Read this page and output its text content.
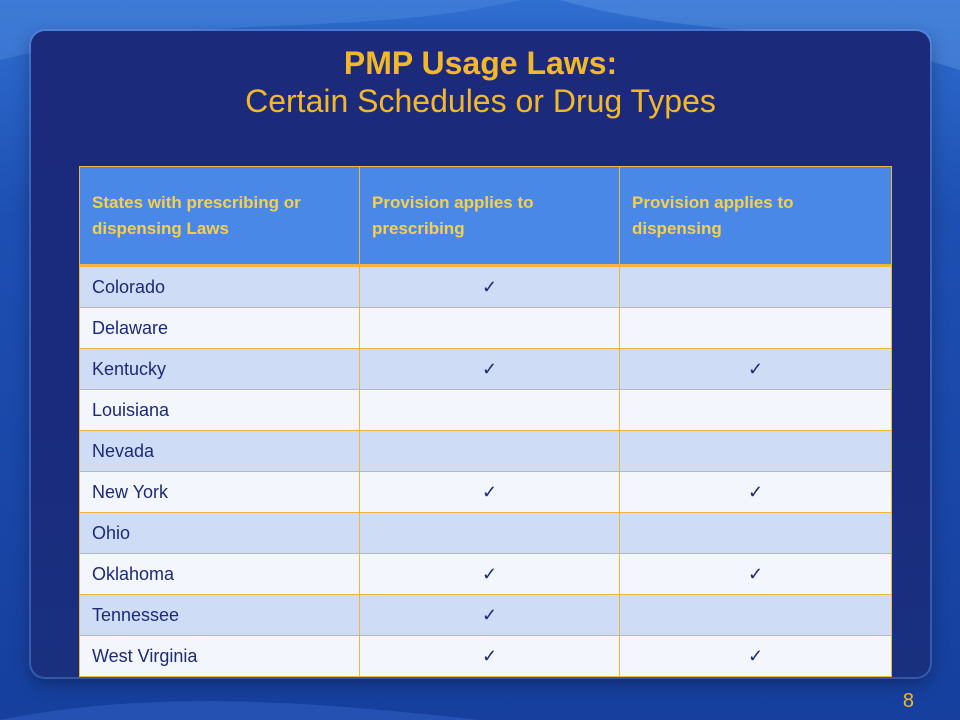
PMP Usage Laws:
Certain Schedules or Drug Types
States with prescribing or dispensing Laws	Provision applies to prescribing	Provision applies to dispensing
Colorado	✓	
Delaware		
Kentucky	✓	✓
Louisiana		
Nevada		
New York	✓	✓
Ohio		
Oklahoma	✓	✓
Tennessee	✓	
West Virginia	✓	✓
8
